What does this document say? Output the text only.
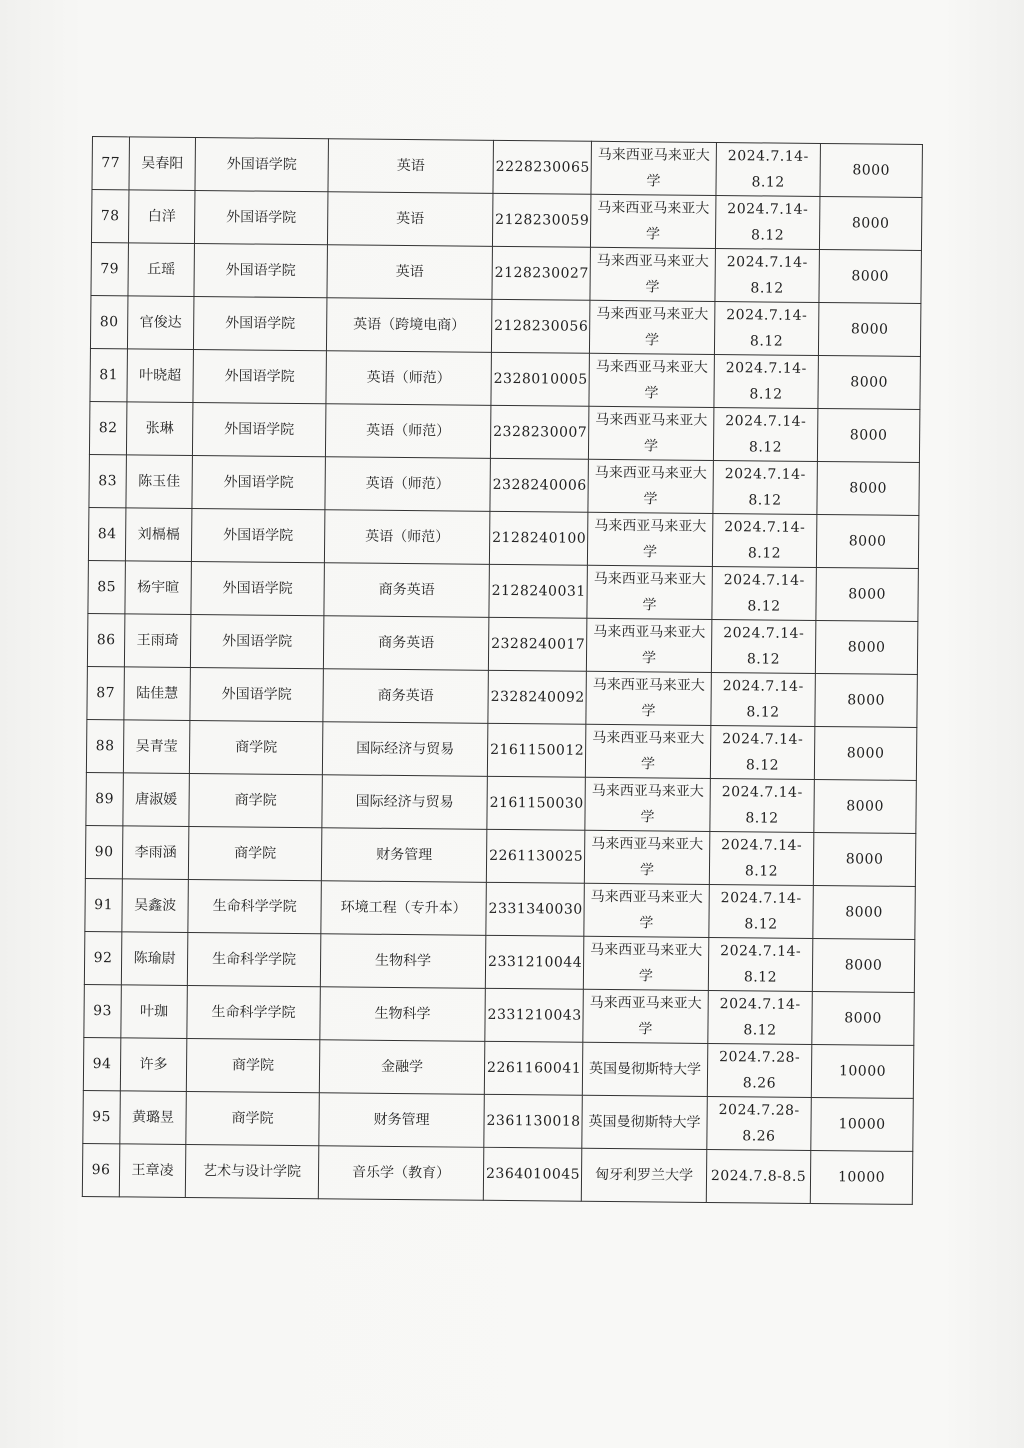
77	吴春阳	外国语学院	英语	2228230065	马来西亚马来亚大学	2024.7.14-8.12	8000
78	白洋	外国语学院	英语	2128230059	马来西亚马来亚大学	2024.7.14-8.12	8000
79	丘瑶	外国语学院	英语	2128230027	马来西亚马来亚大学	2024.7.14-8.12	8000
80	官俊达	外国语学院	英语（跨境电商）	2128230056	马来西亚马来亚大学	2024.7.14-8.12	8000
81	叶晓超	外国语学院	英语（师范）	2328010005	马来西亚马来亚大学	2024.7.14-8.12	8000
82	张琳	外国语学院	英语（师范）	2328230007	马来西亚马来亚大学	2024.7.14-8.12	8000
83	陈玉佳	外国语学院	英语（师范）	2328240006	马来西亚马来亚大学	2024.7.14-8.12	8000
84	刘槅槅	外国语学院	英语（师范）	2128240100	马来西亚马来亚大学	2024.7.14-8.12	8000
85	杨宇暄	外国语学院	商务英语	2128240031	马来西亚马来亚大学	2024.7.14-8.12	8000
86	王雨琦	外国语学院	商务英语	2328240017	马来西亚马来亚大学	2024.7.14-8.12	8000
87	陆佳慧	外国语学院	商务英语	2328240092	马来西亚马来亚大学	2024.7.14-8.12	8000
88	吴青莹	商学院	国际经济与贸易	2161150012	马来西亚马来亚大学	2024.7.14-8.12	8000
89	唐淑媛	商学院	国际经济与贸易	2161150030	马来西亚马来亚大学	2024.7.14-8.12	8000
90	李雨涵	商学院	财务管理	2261130025	马来西亚马来亚大学	2024.7.14-8.12	8000
91	吴鑫波	生命科学学院	环境工程（专升本）	2331340030	马来西亚马来亚大学	2024.7.14-8.12	8000
92	陈瑜尉	生命科学学院	生物科学	2331210044	马来西亚马来亚大学	2024.7.14-8.12	8000
93	叶珈	生命科学学院	生物科学	2331210043	马来西亚马来亚大学	2024.7.14-8.12	8000
94	许多	商学院	金融学	2261160041	英国曼彻斯特大学	2024.7.28-8.26	10000
95	黄璐昱	商学院	财务管理	2361130018	英国曼彻斯特大学	2024.7.28-8.26	10000
96	王章凌	艺术与设计学院	音乐学（教育）	2364010045	匈牙利罗兰大学	2024.7.8-8.5	10000
